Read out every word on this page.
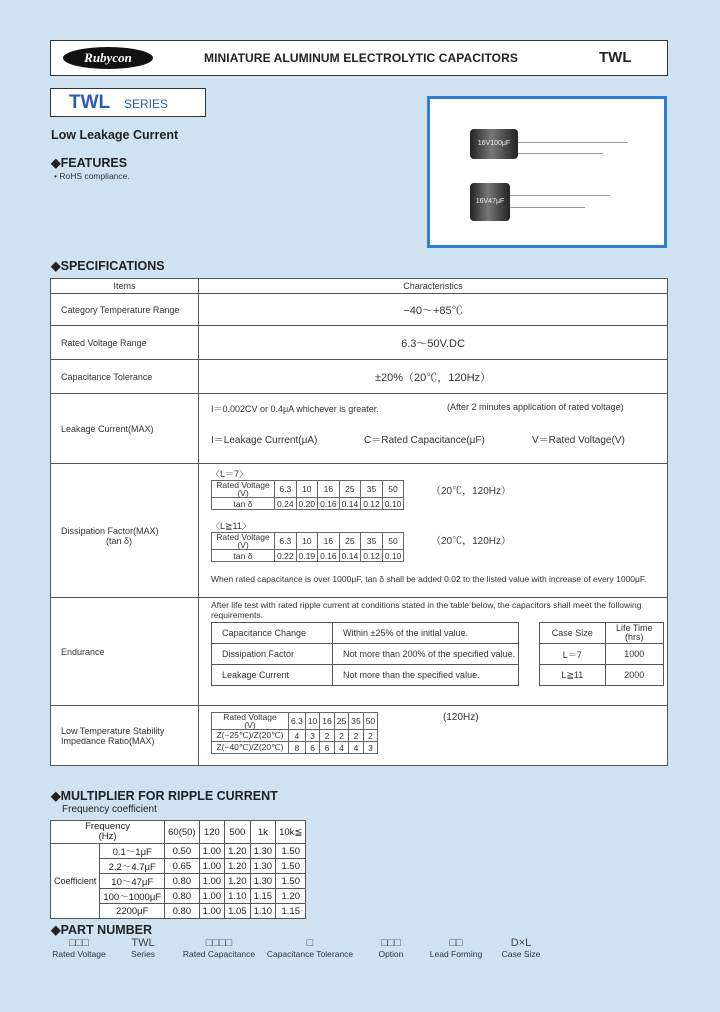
Rubycon	MINIATURE ALUMINUM ELECTROLYTIC CAPACITORS	TWL
TWL SERIES
Low Leakage Current
◆FEATURES
• RoHS compliance.
16V100μF
16V47μF
◆SPECIFICATIONS
Items	Characteristics
Category Temperature Range	−40〜+85℃
Rated Voltage Range	6.3〜50V.DC
Capacitance Tolerance	±20%（20℃，120Hz）
Leakage Current(MAX)	
I＝0.002CV or 0.4μA whichever is greater.	(After 2 minutes application of rated voltage)
I＝Leakage Current(μA)	C＝Rated Capacitance(μF)	V＝Rated Voltage(V)

Dissipation Factor(MAX)
(tan δ)

〈L＝7〉
Rated Voltage
(V)	6.3	10	16	25	35	50
tan δ	0.24	0.20	0.16	0.14	0.12	0.10
（20℃，120Hz）
〈L≧11〉
Rated Voltage
(V)	6.3	10	16	25	35	50
tan δ	0.22	0.19	0.16	0.14	0.12	0.10
（20℃，120Hz）
When rated capacitance is over 1000μF, tan δ shall be added 0.02 to the listed value with increase of every 1000μF.

Endurance	
After life test with rated ripple current at conditions stated in the table below, the capacitors shall meet the following requirements.
Capacitance Change	Within ±25% of the initial value.
Dissipation Factor	Not more than 200% of the specified value.
Leakage Current	Not more than the specified value.
Case Size	Life Time
(hrs)
L＝7	1000
L≧11	2000

Low Temperature Stability
Impedance Ratio(MAX)

Rated Voltage
(V)	6.3	10	16	25	35	50
Z(−25℃)/Z(20℃)	4	3	2	2	2	2
Z(−40℃)/Z(20℃)	8	6	6	4	4	3
(120Hz)
◆MULTIPLIER FOR RIPPLE CURRENT
Frequency coefficient
Frequency
(Hz)		60(50)	120	500	1k	10k≦
Coefficient	0.1〜1μF	0.50	1.00	1.20	1.30	1.50
	2.2〜4.7μF	0.65	1.00	1.20	1.30	1.50
	10〜47μF	0.80	1.00	1.20	1.30	1.50
	100〜1000μF	0.80	1.00	1.10	1.15	1.20
	2200μF	0.80	1.00	1.05	1.10	1.15
◆PART NUMBER
□□□
Rated Voltage
TWL
Series
□□□□
Rated Capacitance
□
Capacitance Tolerance
□□□
Option
□□
Lead Forming
D×L
Case Size
